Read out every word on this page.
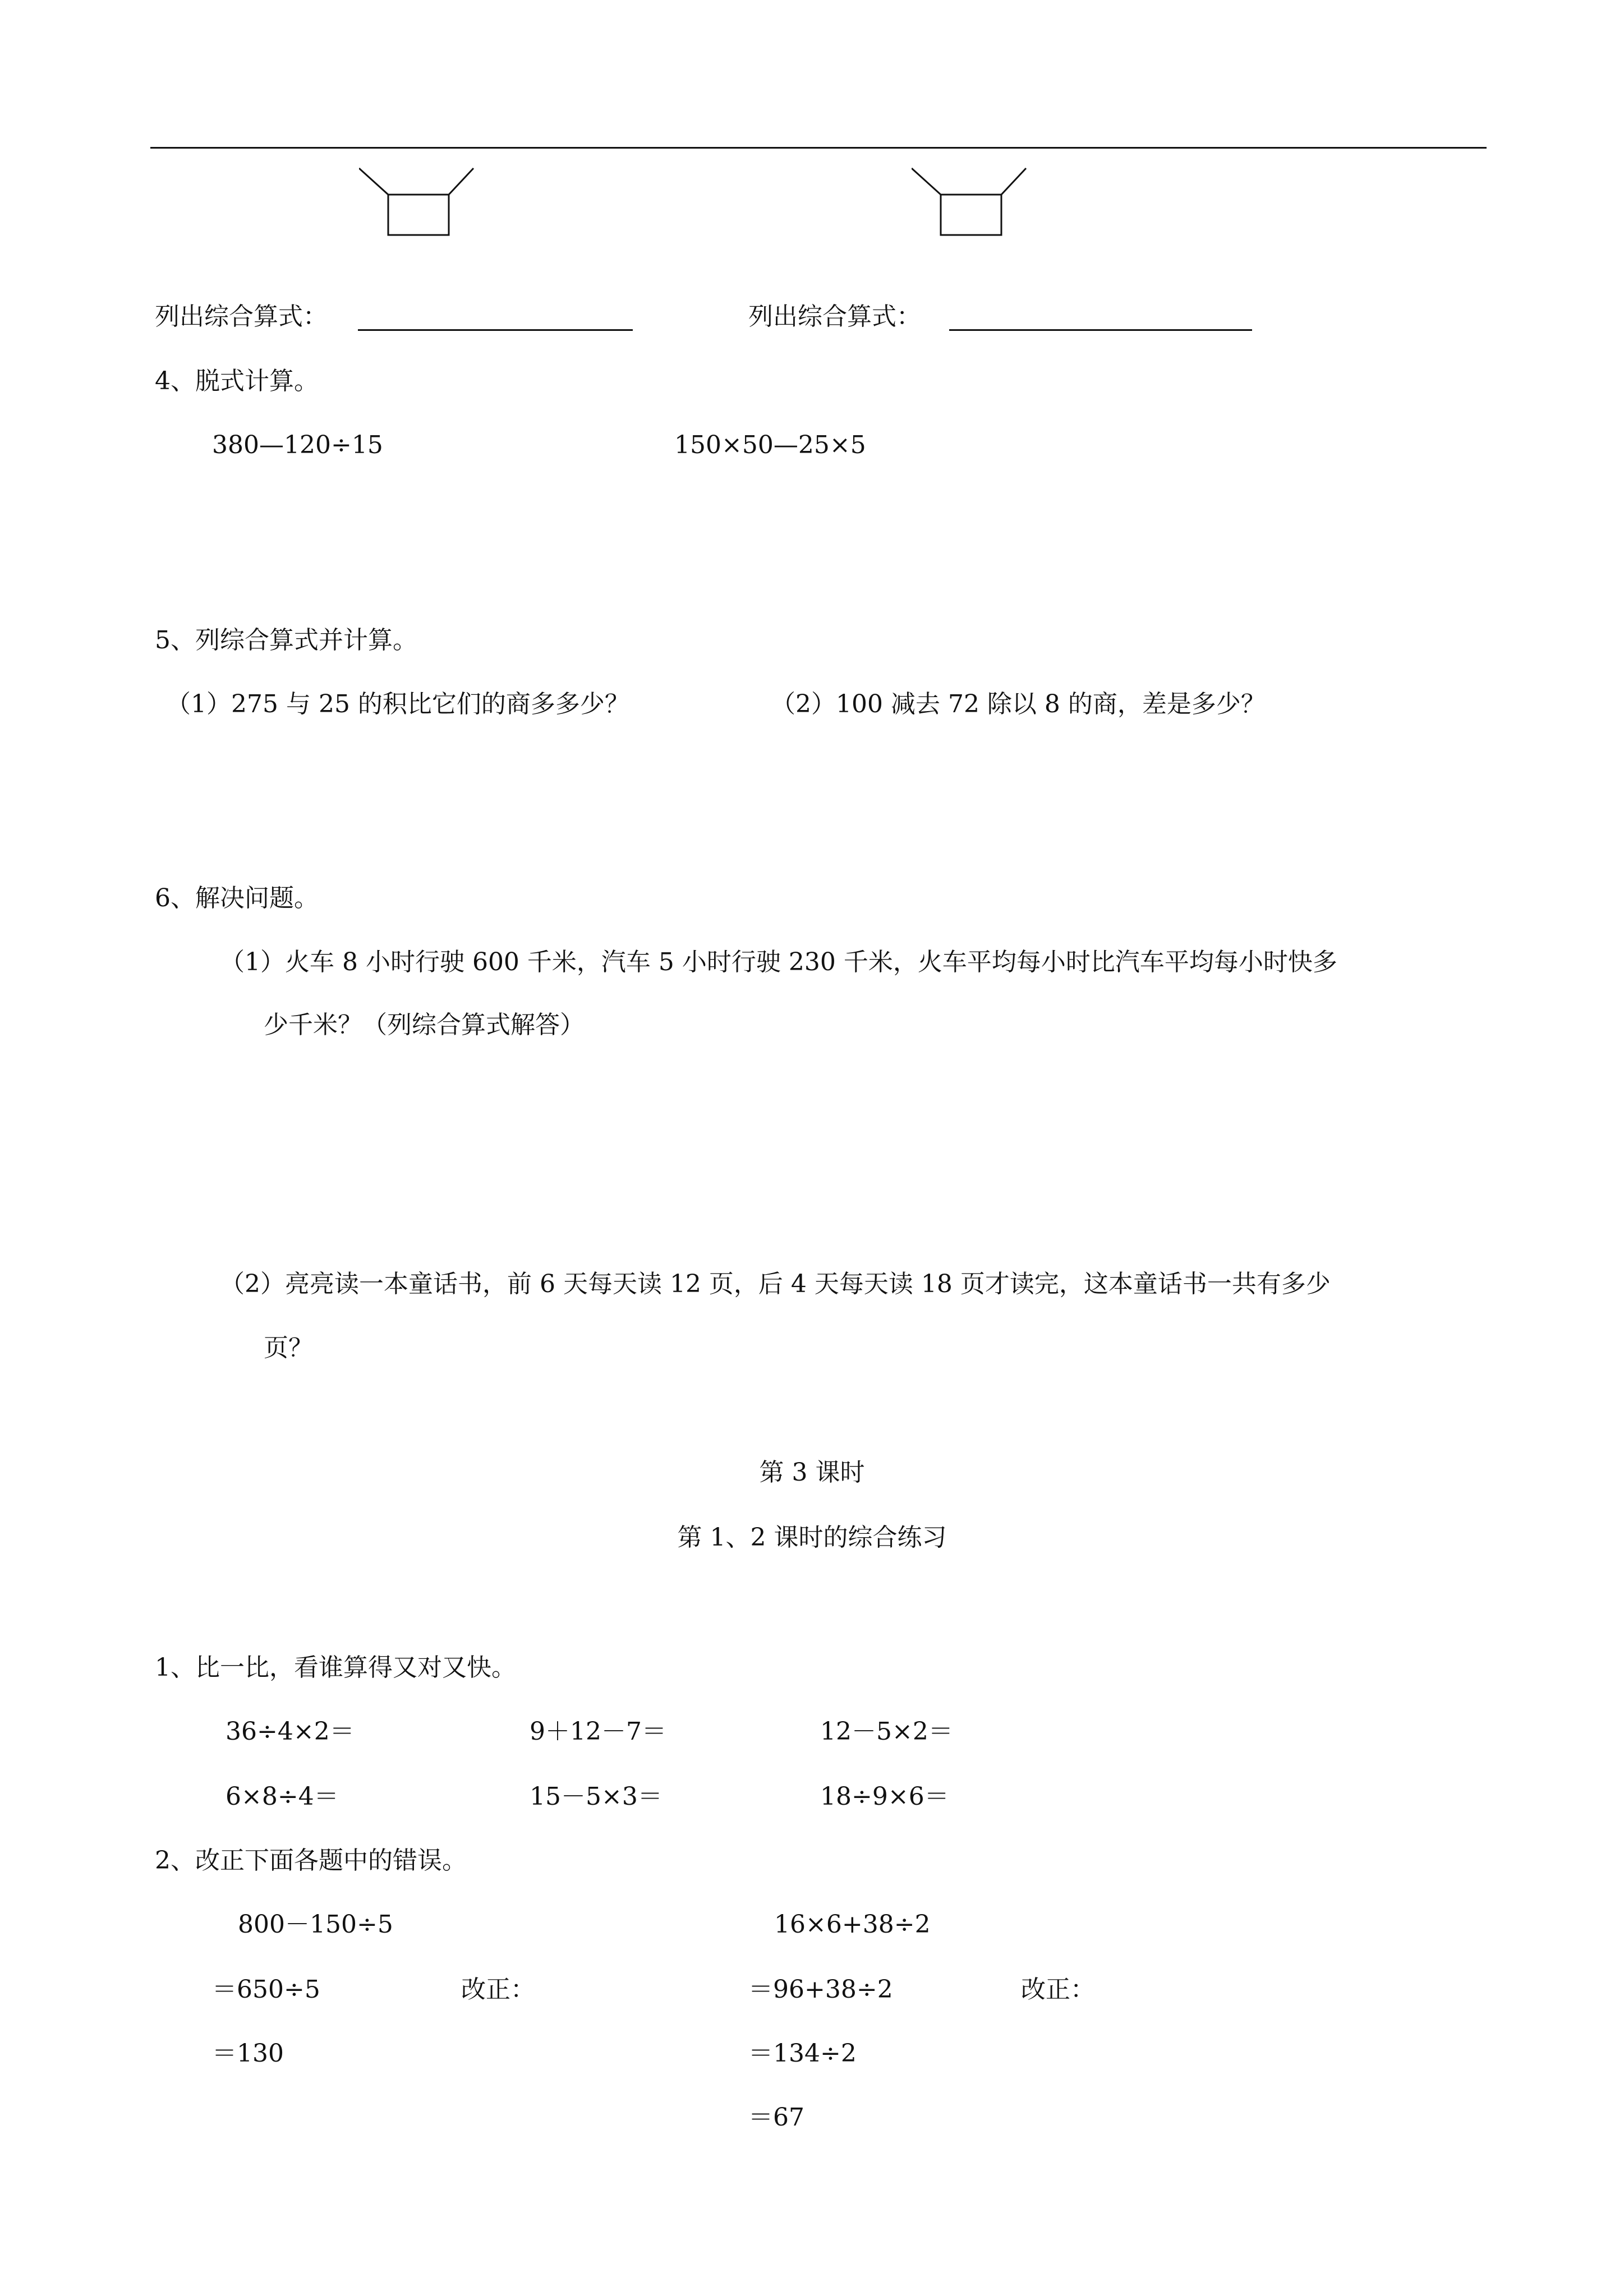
列出综合算式：	列出综合算式：
4、脱式计算。
380—120÷15	150×50—25×5
5、列综合算式并计算。
（1）275 与 25 的积比它们的商多多少？	（2）100 减去 72 除以 8 的商，差是多少？
6、解决问题。
（1）火车 8 小时行驶 600 千米，汽车 5 小时行驶 230 千米，火车平均每小时比汽车平均每小时快多
少千米？（列综合算式解答）
（2）亮亮读一本童话书，前 6 天每天读 12 页，后 4 天每天读 18 页才读完，这本童话书一共有多少
页？
第 3 课时
第 1、2 课时的综合练习
1、比一比，看谁算得又对又快。
36÷4×2＝	9＋12－7＝	12－5×2＝
6×8÷4＝	15－5×3＝	18÷9×6＝
2、改正下面各题中的错误。
800－150÷5
＝650÷5	改正：
＝130
16×6+38÷2
＝96+38÷2	改正：
＝134÷2
＝67
